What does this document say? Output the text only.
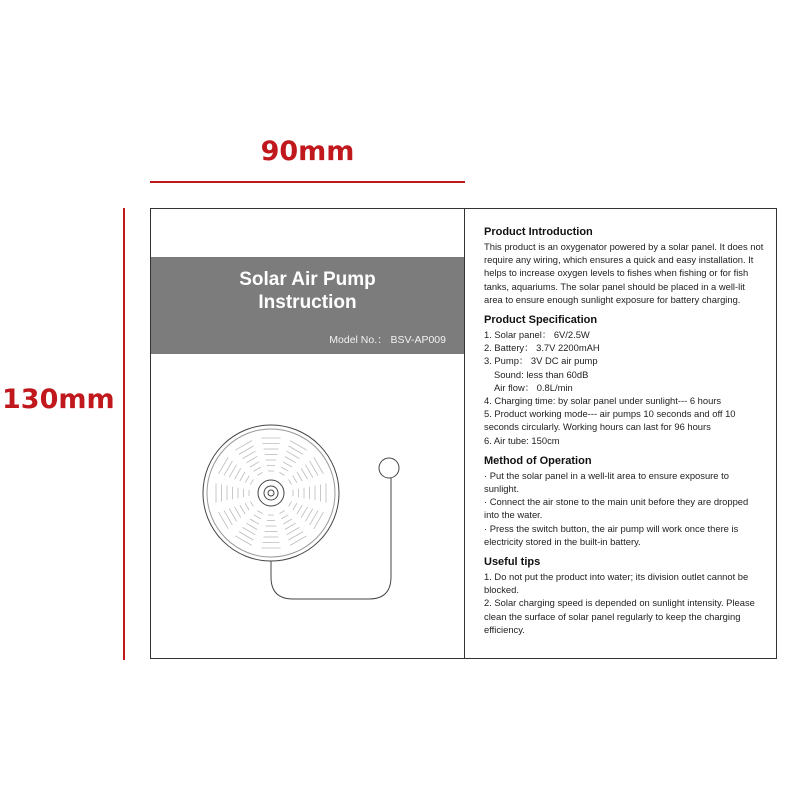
90mm
130mm
Solar Air Pump
Instruction
Model No.： BSV-AP009
Product Introduction

This product is an oxygenator powered by a solar panel. It does not require any wiring, which ensures a quick and easy installation. It helps to increase oxygen levels to fishes when fishing or for fish tanks, aquariums. The solar panel should be placed in a well-lit area to ensure enough sunlight exposure for battery charging.

Product Specification
1. Solar panel： 6V/2.5W
2. Battery： 3.7V 2200mAH
3. Pump： 3V DC air pump
Sound: less than 60dB
Air flow： 0.8L/min
4. Charging time: by solar panel under sunlight--- 6 hours
5. Product working mode--- air pumps 10 seconds and off 10 seconds circularly. Working hours can last for 96 hours
6. Air tube: 150cm
Method of Operation
· Put the solar panel in a well-lit area to ensure exposure to sunlight.
· Connect the air stone to the main unit before they are dropped into the water.
· Press the switch button, the air pump will work once there is electricity stored in the built-in battery.
Useful tips
1. Do not put the product into water; its division outlet cannot be blocked.
2. Solar charging speed is depended on sunlight intensity. Please clean the surface of solar panel regularly to keep the charging efficiency.
